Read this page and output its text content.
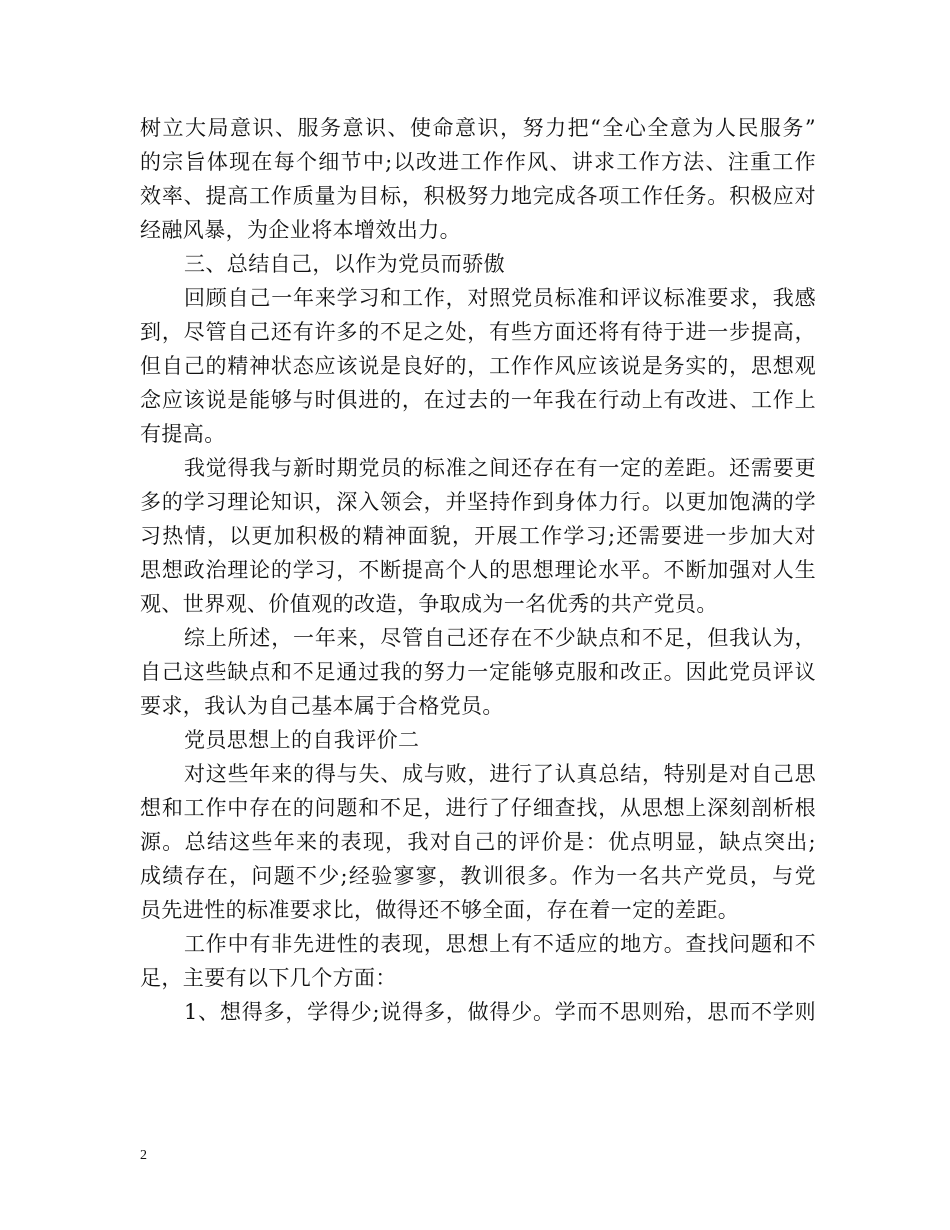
树立大局意识、服务意识、使命意识，努力把“全心全意为人民服务”
的宗旨体现在每个细节中;以改进工作作风、讲求工作方法、注重工作
效率、提高工作质量为目标，积极努力地完成各项工作任务。积极应对
经融风暴，为企业将本增效出力。
三、总结自己，以作为党员而骄傲
回顾自己一年来学习和工作，对照党员标准和评议标准要求，我感
到，尽管自己还有许多的不足之处，有些方面还将有待于进一步提高，
但自己的精神状态应该说是良好的，工作作风应该说是务实的，思想观
念应该说是能够与时俱进的，在过去的一年我在行动上有改进、工作上
有提高。
我觉得我与新时期党员的标准之间还存在有一定的差距。还需要更
多的学习理论知识，深入领会，并坚持作到身体力行。以更加饱满的学
习热情，以更加积极的精神面貌，开展工作学习;还需要进一步加大对
思想政治理论的学习，不断提高个人的思想理论水平。不断加强对人生
观、世界观、价值观的改造，争取成为一名优秀的共产党员。
综上所述，一年来，尽管自己还存在不少缺点和不足，但我认为，
自己这些缺点和不足通过我的努力一定能够克服和改正。因此党员评议
要求，我认为自己基本属于合格党员。
党员思想上的自我评价二
对这些年来的得与失、成与败，进行了认真总结，特别是对自己思
想和工作中存在的问题和不足，进行了仔细查找，从思想上深刻剖析根
源。总结这些年来的表现，我对自己的评价是：优点明显，缺点突出;
成绩存在，问题不少;经验寥寥，教训很多。作为一名共产党员，与党
员先进性的标准要求比，做得还不够全面，存在着一定的差距。
工作中有非先进性的表现，思想上有不适应的地方。查找问题和不
足，主要有以下几个方面：
1、想得多，学得少;说得多，做得少。学而不思则殆，思而不学则
2
